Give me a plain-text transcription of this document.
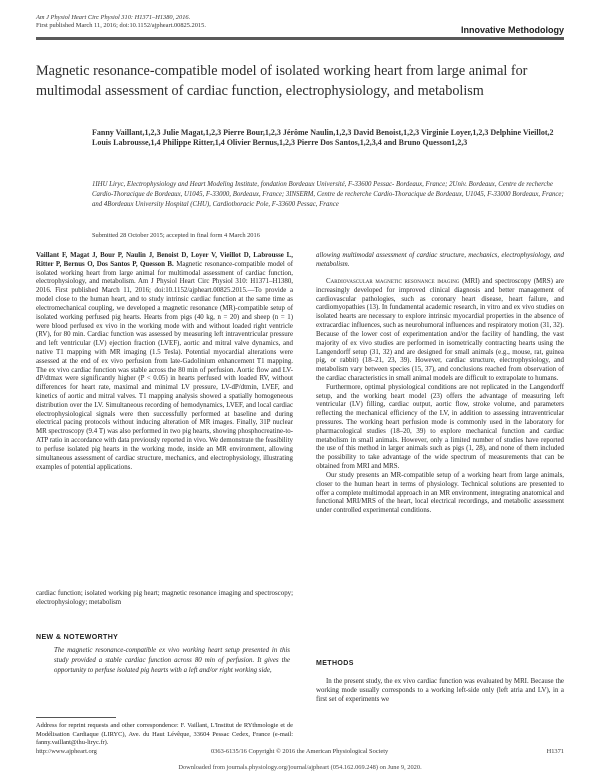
Am J Physiol Heart Circ Physiol 310: H1371–H1380, 2016.
First published March 11, 2016; doi:10.1152/ajpheart.00825.2015.	Innovative Methodology
Magnetic resonance-compatible model of isolated working heart from large animal for multimodal assessment of cardiac function, electrophysiology, and metabolism
Fanny Vaillant,1,2,3 Julie Magat,1,2,3 Pierre Bour,1,2,3 Jérôme Naulin,1,2,3 David Benoist,1,2,3 Virginie Loyer,1,2,3 Delphine Vieillot,2 Louis Labrousse,1,4 Philippe Ritter,1,4 Olivier Bernus,1,2,3 Pierre Dos Santos,1,2,3,4 and Bruno Quesson1,2,3
1IHU Liryc, Electrophysiology and Heart Modeling Institute, fondation Bordeaux Université, F-33600 Pessac- Bordeaux, France; 2Univ. Bordeaux, Centre de recherche Cardio-Thoracique de Bordeaux, U1045, F-33000, Bordeaux, France; 3INSERM, Centre de recherche Cardio-Thoracique de Bordeaux, U1045, F-33000 Bordeaux, France; and 4Bordeaux University Hospital (CHU), Cardiothoracic Pole, F-33600 Pessac, France
Submitted 28 October 2015; accepted in final form 4 March 2016
Vaillant F, Magat J, Bour P, Naulin J, Benoist D, Loyer V, Vieillot D, Labrousse L, Ritter P, Bernus O, Dos Santos P, Quesson B. Magnetic resonance-compatible model of isolated working heart from large animal for multimodal assessment of cardiac function, electrophysiology, and metabolism. Am J Physiol Heart Circ Physiol 310: H1371–H1380, 2016. First published March 11, 2016; doi:10.1152/ajpheart.00825.2015.—To provide a model close to the human heart, and to study intrinsic cardiac function at the same time as electromechanical coupling, we developed a magnetic resonance (MR)-compatible setup of isolated working perfused pig hearts. Hearts from pigs (40 kg, n = 20) and sheep (n = 1) were blood perfused ex vivo in the working mode with and without loaded right ventricle (RV), for 80 min. Cardiac function was assessed by measuring left intraventricular pressure and left ventricular (LV) ejection fraction (LVEF), aortic and mitral valve dynamics, and native T1 mapping with MR imaging (1.5 Tesla). Potential myocardial alterations were assessed at the end of ex vivo perfusion from late-Gadolinium enhancement T1 mapping. The ex vivo cardiac function was stable across the 80 min of perfusion. Aortic flow and LV-dP/dtmax were significantly higher (P < 0.05) in hearts perfused with loaded RV, without differences for heart rate, maximal and minimal LV pressure, LV-dP/dtmin, LVEF, and kinetics of aortic and mitral valves. T1 mapping analysis showed a spatially homogeneous distribution over the LV. Simultaneous recording of hemodynamics, LVEF, and local cardiac electrophysiological signals were then successfully performed at baseline and during electrical pacing protocols without inducing alteration of MR images. Finally, 31P nuclear MR spectroscopy (9.4 T) was also performed in two pig hearts, showing phosphocreatine-to-ATP ratio in accordance with data previously reported in vivo. We demonstrate the feasibility to perfuse isolated pig hearts in the working mode, inside an MR environment, allowing simultaneous assessment of cardiac structure, mechanics, and electrophysiology, illustrating examples of potential applications.
cardiac function; isolated working pig heart; magnetic resonance imaging and spectroscopy; electrophysiology; metabolism
NEW & NOTEWORTHY
The magnetic resonance-compatible ex vivo working heart setup presented in this study provided a stable cardiac function across 80 min of perfusion. It gives the opportunity to perfuse isolated pig hearts with a left and/or right working side,
allowing multimodal assessment of cardiac structure, mechanics, electrophysiology, and metabolism.

Cardiovascular magnetic resonance imaging (MRI) and spectroscopy (MRS) are increasingly developed for improved clinical diagnosis and better management of cardiovascular pathologies, such as coronary heart disease, heart failure, and cardiomyopathies (13). In fundamental academic research, in vitro and ex vivo studies on isolated hearts are necessary to explore intrinsic myocardial properties in the absence of extracardiac influences, such as neurohumoral influences and respiratory motion (31, 32). Because of the lower cost of experimentation and/or the facility of handling, the vast majority of ex vivo studies are performed in isometrically contracting hearts using the Langendorff setup (31, 32) and are designed for small animals (e.g., mouse, rat, guinea pig, or rabbit) (18–21, 23, 39). However, cardiac structure, electrophysiology, and metabolism vary between species (15, 37), and conclusions reached from observation of the cardiac characteristics in small animal models are difficult to extrapolate to humans.

Furthermore, optimal physiological conditions are not replicated in the Langendorff setup, and the working heart model (23) offers the advantage of measuring left ventricular (LV) filling, cardiac output, aortic flow, stroke volume, and parameters reflecting the mechanical efficiency of the LV, in addition to assessing intraventricular pressures. The working heart perfusion mode is commonly used in the laboratory for pharmacological studies (18–20, 39) to explore mechanical function and cardiac metabolism in small animals. However, only a limited number of studies have reported the use of this method in larger animals such as pigs (1, 28), and none of them included the possibility to take advantage of the wide spectrum of measurements that can be obtained from MRI and MRS.

Our study presents an MR-compatible setup of a working heart from large animals, closer to the human heart in terms of physiology. Technical solutions are presented to offer a complete multimodal approach in an MR environment, integrating anatomical and functional MRI/MRS of the heart, local electrical recordings, and metabolic assessment under controlled experimental conditions.

METHODS
In the present study, the ex vivo cardiac function was evaluated by MRI. Because the working mode usually corresponds to a working left-side only (left atria and LV), in a first set of experiments we
Address for reprint requests and other correspondence: F. Vaillant, L'Institut de RYthmologie et de Modélisation Cardiaque (LIRYC), Ave. du Haut Lévêque, 33604 Pessac Cedex, France (e-mail: fanny.vaillant@ihu-liryc.fr).
http://www.ajpheart.org	0363-6135/16 Copyright © 2016 the American Physiological Society	H1371
Downloaded from journals.physiology.org/journal/ajpheart (054.162.069.248) on June 9, 2020.
